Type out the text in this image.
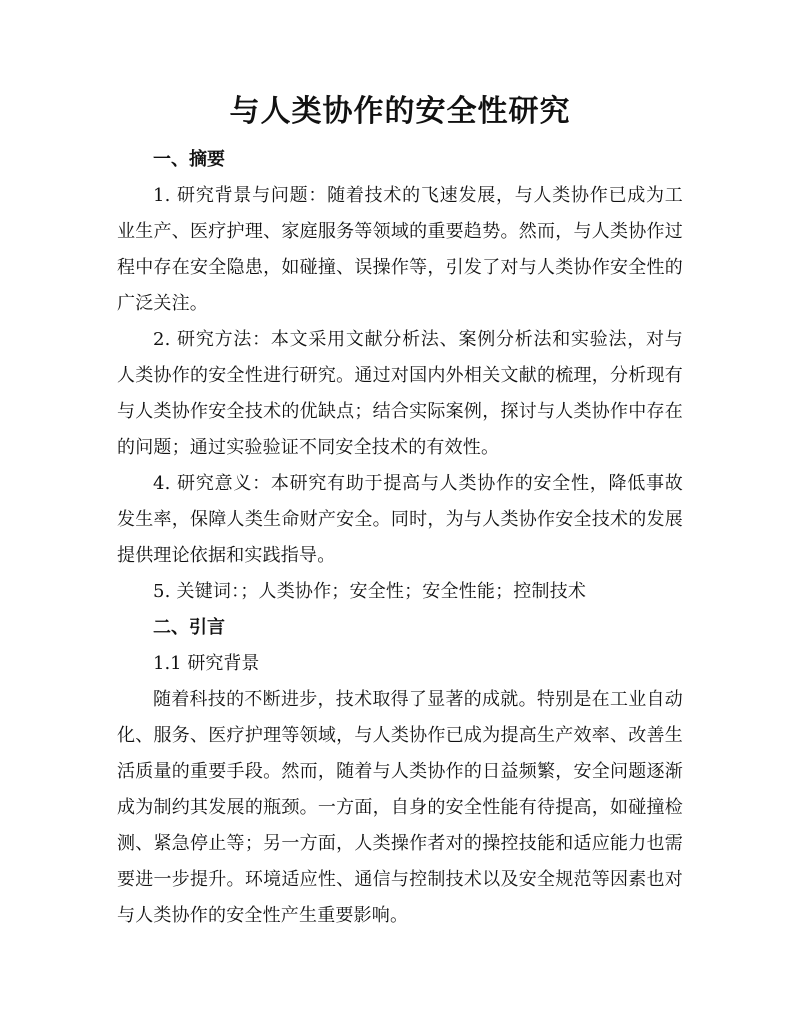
与人类协作的安全性研究
一、摘要

1. 研究背景与问题：随着技术的飞速发展，与人类协作已成为工业生产、医疗护理、家庭服务等领域的重要趋势。然而，与人类协作过程中存在安全隐患，如碰撞、误操作等，引发了对与人类协作安全性的广泛关注。

2. 研究方法：本文采用文献分析法、案例分析法和实验法，对与人类协作的安全性进行研究。通过对国内外相关文献的梳理，分析现有与人类协作安全技术的优缺点；结合实际案例，探讨与人类协作中存在的问题；通过实验验证不同安全技术的有效性。

4. 研究意义：本研究有助于提高与人类协作的安全性，降低事故发生率，保障人类生命财产安全。同时，为与人类协作安全技术的发展提供理论依据和实践指导。

5. 关键词：；人类协作；安全性；安全性能；控制技术

二、引言
1.1 研究背景

随着科技的不断进步，技术取得了显著的成就。特别是在工业自动化、服务、医疗护理等领域，与人类协作已成为提高生产效率、改善生活质量的重要手段。然而，随着与人类协作的日益频繁，安全问题逐渐成为制约其发展的瓶颈。一方面，自身的安全性能有待提高，如碰撞检测、紧急停止等；另一方面，人类操作者对的操控技能和适应能力也需要进一步提升。环境适应性、通信与控制技术以及安全规范等因素也对与人类协作的安全性产生重要影响。
